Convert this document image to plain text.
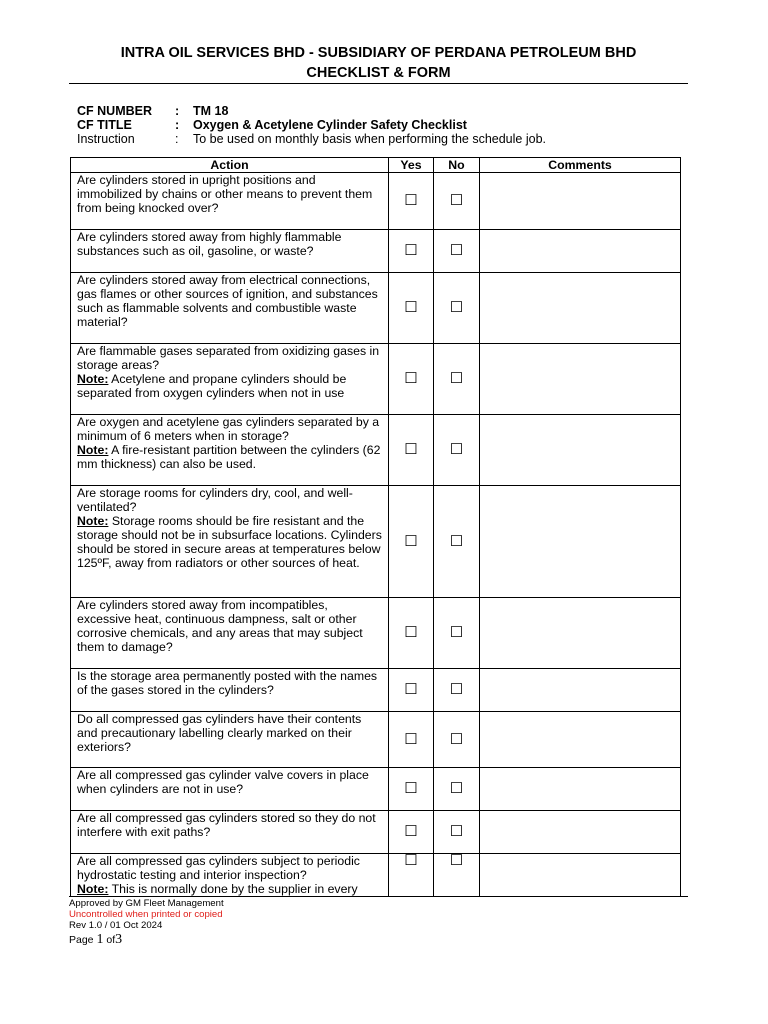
INTRA OIL SERVICES BHD - SUBSIDIARY OF PERDANA PETROLEUM BHD
CHECKLIST & FORM
CF NUMBER : TM 18
CF TITLE	: Oxygen & Acetylene Cylinder Safety Checklist
Instruction	: To be used on monthly basis when performing the schedule job.
Action	Yes	No	Comments
Are cylinders stored in upright positions and immobilized by chains or other means to prevent them from being knocked over?	☐	☐	
Are cylinders stored away from highly flammable substances such as oil, gasoline, or waste?	☐	☐	
Are cylinders stored away from electrical connections, gas flames or other sources of ignition, and substances such as flammable solvents and combustible waste material?	☐	☐	
Are flammable gases separated from oxidizing gases in storage areas?
Note: Acetylene and propane cylinders should be separated from oxygen cylinders when not in use	☐	☐	
Are oxygen and acetylene gas cylinders separated by a minimum of 6 meters when in storage?
Note: A fire-resistant partition between the cylinders (62 mm thickness) can also be used.	☐	☐	
Are storage rooms for cylinders dry, cool, and well-ventilated?
Note: Storage rooms should be fire resistant and the storage should not be in subsurface locations. Cylinders should be stored in secure areas at temperatures below 125ºF, away from radiators or other sources of heat.	☐	☐	
Are cylinders stored away from incompatibles, excessive heat, continuous dampness, salt or other corrosive chemicals, and any areas that may subject them to damage?	☐	☐	
Is the storage area permanently posted with the names of the gases stored in the cylinders?	☐	☐	
Do all compressed gas cylinders have their contents and precautionary labelling clearly marked on their exteriors?	☐	☐	
Are all compressed gas cylinder valve covers in place when cylinders are not in use?	☐	☐	
Are all compressed gas cylinders stored so they do not interfere with exit paths?	☐	☐	
Are all compressed gas cylinders subject to periodic hydrostatic testing and interior inspection?
Note: This is normally done by the supplier in every	☐	☐	
Approved by GM Fleet Management
Uncontrolled when printed or copied
Rev 1.0 / 01 Oct 2024
Page 1 of3
